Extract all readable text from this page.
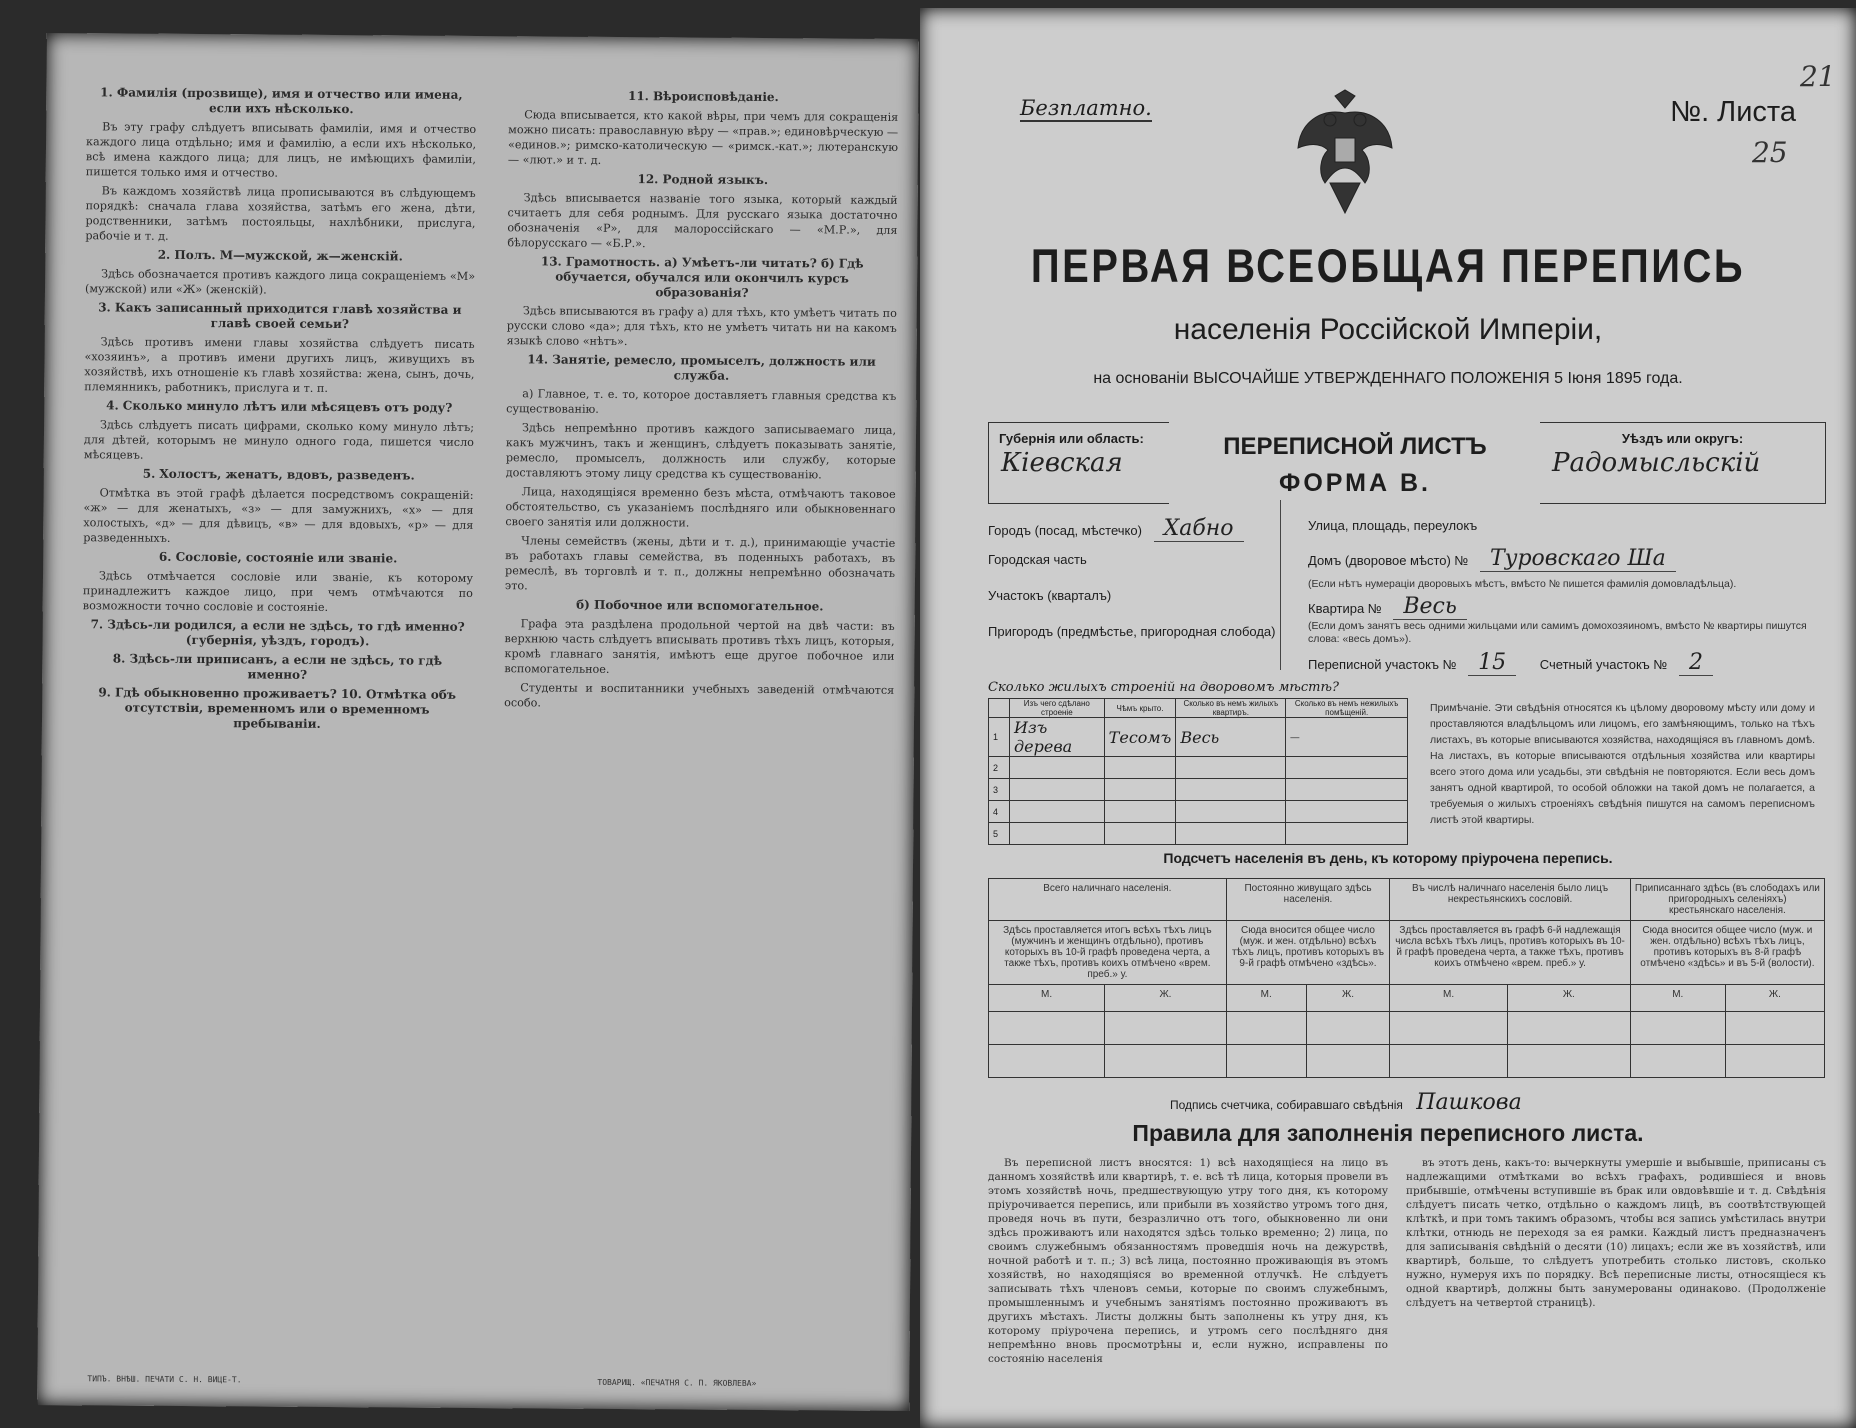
1. Фамилія (прозвище), имя и отчество или имена, если ихъ нѣсколько.

Въ эту графу слѣдуетъ вписывать фамиліи, имя и отчество каждого лица отдѣльно; имя и фамилію, а если ихъ нѣсколько, всѣ имена каждого лица; для лицъ, не имѣющихъ фамиліи, пишется только имя и отчество.

Въ каждомъ хозяйствѣ лица прописываются въ слѣдующемъ порядкѣ: сначала глава хозяйства, затѣмъ его жена, дѣти, родственники, затѣмъ постояльцы, нахлѣбники, прислуга, рабочіе и т. д.

2. Полъ. М—мужской, ж—женскій.

Здѣсь обозначается противъ каждого лица сокращеніемъ «М» (мужской) или «Ж» (женскій).

3. Какъ записанный приходится главѣ хозяйства и главѣ своей семьи?

Здѣсь противъ имени главы хозяйства слѣдуетъ писать «хозяинъ», а противъ имени другихъ лицъ, живущихъ въ хозяйствѣ, ихъ отношеніе къ главѣ хозяйства: жена, сынъ, дочь, племянникъ, работникъ, прислуга и т. п.

4. Сколько минуло лѣтъ или мѣсяцевъ отъ роду?

Здѣсь слѣдуетъ писать цифрами, сколько кому минуло лѣтъ; для дѣтей, которымъ не минуло одного года, пишется число мѣсяцевъ.

5. Холостъ, женатъ, вдовъ, разведенъ.

Отмѣтка въ этой графѣ дѣлается посредствомъ сокращеній: «ж» — для женатыхъ, «з» — для замужнихъ, «х» — для холостыхъ, «д» — для дѣвицъ, «в» — для вдовыхъ, «р» — для разведенныхъ.

6. Сословіе, состояніе или званіе.

Здѣсь отмѣчается сословіе или званіе, къ которому принадлежитъ каждое лицо, при чемъ отмѣчаются по возможности точно сословіе и состояніе.

7. Здѣсь-ли родился, а если не здѣсь, то гдѣ именно? (губернія, уѣздъ, городъ).
8. Здѣсь-ли приписанъ, а если не здѣсь, то гдѣ именно?
9. Гдѣ обыкновенно проживаетъ? 10. Отмѣтка объ отсутствіи, временномъ или о временномъ пребываніи.
ТИПЪ. ВНѢШ. ПЕЧАТИ С. Н. ВИЦЕ-Т.
11. Вѣроисповѣданіе.

Сюда вписывается, кто какой вѣры, при чемъ для сокращенія можно писать: православную вѣру — «прав.»; единовѣрческую — «единов.»; римско-католическую — «римск.-кат.»; лютеранскую — «лют.» и т. д.

12. Родной языкъ.

Здѣсь вписывается названіе того языка, который каждый считаетъ для себя роднымъ. Для русскаго языка достаточно обозначенія «Р», для малороссійскаго — «М.Р.», для бѣлорусскаго — «Б.Р.».

13. Грамотность. а) Умѣетъ-ли читать? б) Гдѣ обучается, обучался или окончилъ курсъ образованія?

Здѣсь вписываются въ графу а) для тѣхъ, кто умѣетъ читать по русски слово «да»; для тѣхъ, кто не умѣетъ читать ни на какомъ языкѣ слово «нѣтъ».

14. Занятіе, ремесло, промыселъ, должность или служба.

а) Главное, т. е. то, которое доставляетъ главныя средства къ существованію.

Здѣсь непремѣнно противъ каждого записываемаго лица, какъ мужчинъ, такъ и женщинъ, слѣдуетъ показывать занятіе, ремесло, промыселъ, должность или службу, которые доставляютъ этому лицу средства къ существованію.

Лица, находящіяся временно безъ мѣста, отмѣчаютъ таковое обстоятельство, съ указаніемъ послѣдняго или обыкновеннаго своего занятія или должности.

Члены семействъ (жены, дѣти и т. д.), принимающіе участіе въ работахъ главы семейства, въ поденныхъ работахъ, въ ремеслѣ, въ торговлѣ и т. п., должны непремѣнно обозначать это.

б) Побочное или вспомогательное.

Графа эта раздѣлена продольной чертой на двѣ части: въ верхнюю часть слѣдуетъ вписывать противъ тѣхъ лицъ, которыя, кромѣ главнаго занятія, имѣютъ еще другое побочное или вспомогательное.

Студенты и воспитанники учебныхъ заведеній отмѣчаются особо.

ТОВАРИЩ. «ПЕЧАТНЯ С. П. ЯКОВЛЕВА»
Безплатно.	№. Листа
21
25
ПЕРВАЯ ВСЕОБЩАЯ ПЕРЕПИСЬ
населенія Россійской Имперіи,
на основаніи ВЫСОЧАЙШЕ УТВЕРЖДЕННАГО ПОЛОЖЕНІЯ 5 Іюня 1895 года.
Губернія или область:
Кіевская
ПЕРЕПИСНОЙ ЛИСТЪ
ФОРМА В.
Уѣздъ или округъ:
Радомысльскій
Городъ (посад, мѣстечко) Хабно
Городская часть
Участокъ (кварталъ)
Пригородъ (предмѣстье, пригородная слобода)
Улица, площадь, переулокъ
Домъ (дворовое мѣсто) № Туровскаго Ша
(Если нѣтъ нумераціи дворовыхъ мѣстъ, вмѣсто № пишется фамилія домовладѣльца).
Квартира № Весь
(Если домъ занятъ весь одними жильцами или самимъ домохозяиномъ, вмѣсто № квартиры пишутся слова: «весь домъ»).
Переписной участокъ № 15	Счетный участокъ № 2
Сколько жилыхъ строеній на дворовомъ мѣстѣ?
	Изъ чего сдѣлано строеніе	Чѣмъ крыто.	Сколько въ немъ жилыхъ квартиръ.	Сколько въ немъ нежилыхъ помѣщеній.
1	Изъ дерева	Тесомъ	Весь	—
2				
3				
4				
5				
Примѣчаніе. Эти свѣдѣнія относятся къ цѣлому дворовому мѣсту или дому и проставляются владѣльцомъ или лицомъ, его замѣняющимъ, только на тѣхъ листахъ, въ которые вписываются хозяйства, находящіяся въ главномъ домѣ. На листахъ, въ которые вписываются отдѣльныя хозяйства или квартиры всего этого дома или усадьбы, эти свѣдѣнія не повторяются. Если весь домъ занятъ одной квартирой, то особой обложки на такой домъ не полагается, а требуемыя о жилыхъ строеніяхъ свѣдѣнія пишутся на самомъ переписномъ листѣ этой квартиры.
Подсчетъ населенія въ день, къ которому пріурочена перепись.
Всего наличнаго населенія.		Постоянно живущаго здѣсь населенія.		Въ числѣ наличнаго населенія было лицъ некрестьянскихъ сословій.		Приписаннаго здѣсь (въ слободахъ или пригородныхъ селеніяхъ) крестьянскаго населенія.	
Здѣсь проставляется итогъ всѣхъ тѣхъ лицъ (мужчинъ и женщинъ отдѣльно), противъ которыхъ въ 10-й графѣ проведена черта, а также тѣхъ, противъ коихъ отмѣчено «врем. преб.» у.		Сюда вносится общее число (муж. и жен. отдѣльно) всѣхъ тѣхъ лицъ, противъ которыхъ въ 9-й графѣ отмѣчено «здѣсь».		Здѣсь проставляется въ графѣ 6-й надлежащія числа всѣхъ тѣхъ лицъ, противъ которыхъ въ 10-й графѣ проведена черта, а также тѣхъ, противъ коихъ отмѣчено «врем. преб.» у.		Сюда вносится общее число (муж. и жен. отдѣльно) всѣхъ тѣхъ лицъ, противъ которыхъ въ 8-й графѣ отмѣчено «здѣсь» и въ 5-й (волости).	
М.	Ж.	М.	Ж.	М.	Ж.	М.	Ж.

Подпись счетчика, собиравшаго свѣдѣнія Пашкова
Правила для заполненія переписного листа.

Въ переписной листъ вносятся: 1) всѣ находящіеся на лицо въ данномъ хозяйствѣ или квартирѣ, т. е. всѣ тѣ лица, которыя провели въ этомъ хозяйствѣ ночь, предшествующую утру того дня, къ которому пріурочивается перепись, или прибыли въ хозяйство утромъ того дня, проведя ночь въ пути, безразлично отъ того, обыкновенно ли они здѣсь проживаютъ или находятся здѣсь только временно; 2) лица, по своимъ служебнымъ обязанностямъ проведшія ночь на дежурствѣ, ночной работѣ и т. п.; 3) всѣ лица, постоянно проживающія въ этомъ хозяйствѣ, но находящіяся во временной отлучкѣ. Не слѣдуетъ записывать тѣхъ членовъ семьи, которые по своимъ служебнымъ, промышленнымъ и учебнымъ занятіямъ постоянно проживаютъ въ другихъ мѣстахъ. Листы должны быть заполнены къ утру дня, къ которому пріурочена перепись, и утромъ сего послѣдняго дня непремѣнно вновь просмотрѣны и, если нужно, исправлены по состоянію населенія

въ этотъ день, какъ-то: вычеркнуты умершіе и выбывшіе, приписаны съ надлежащими отмѣтками во всѣхъ графахъ, родившіеся и вновь прибывшіе, отмѣчены вступившіе въ брак или овдовѣвшіе и т. д. Свѣдѣнія слѣдуетъ писать четко, отдѣльно о каждомъ лицѣ, въ соотвѣтствующей клѣткѣ, и при томъ такимъ образомъ, чтобы вся запись умѣстилась внутри клѣтки, отнюдь не переходя за ея рамки. Каждый листъ предназначенъ для записыванія свѣдѣній о десяти (10) лицахъ; если же въ хозяйствѣ, или квартирѣ, больше, то слѣдуетъ употребить столько листовъ, сколько нужно, нумеруя ихъ по порядку. Всѣ переписные листы, относящіеся къ одной квартирѣ, должны быть занумерованы одинаково. (Продолженіе слѣдуетъ на четвертой страницѣ).
